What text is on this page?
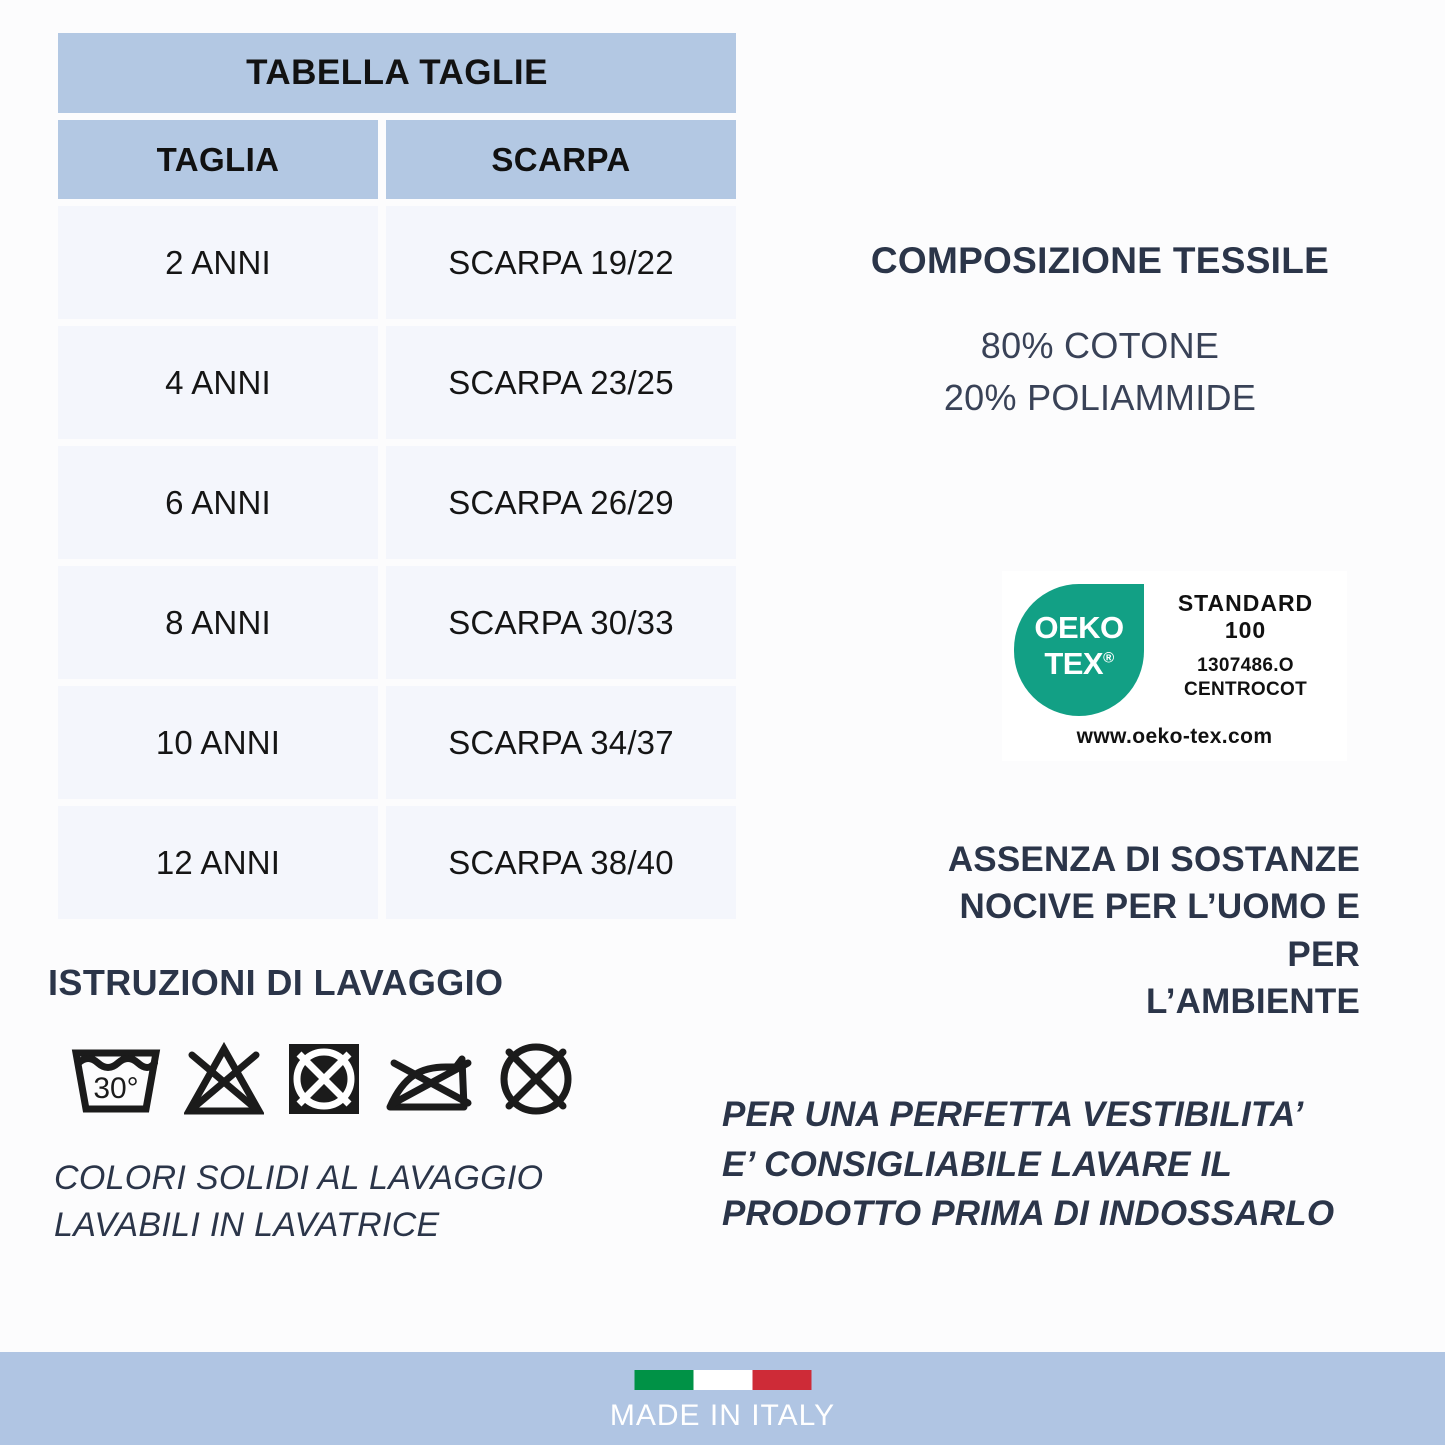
TABELLA TAGLIE
TAGLIA	SCARPA
2 ANNI	SCARPA 19/22
4 ANNI	SCARPA 23/25
6 ANNI	SCARPA 26/29
8 ANNI	SCARPA 30/33
10 ANNI	SCARPA 34/37
12 ANNI	SCARPA 38/40
ISTRUZIONI DI LAVAGGIO
30°
COLORI SOLIDI AL LAVAGGIO
LAVABILI IN LAVATRICE
COMPOSIZIONE TESSILE
80% COTONE
20% POLIAMMIDE
OEKO
TEX®
STANDARD
100
1307486.O
CENTROCOT
www.oeko-tex.com
ASSENZA DI SOSTANZE
NOCIVE PER L’UOMO E PER
L’AMBIENTE
PER UNA PERFETTA VESTIBILITA’
E’ CONSIGLIABILE LAVARE IL
PRODOTTO PRIMA DI INDOSSARLO
MADE IN ITALY
